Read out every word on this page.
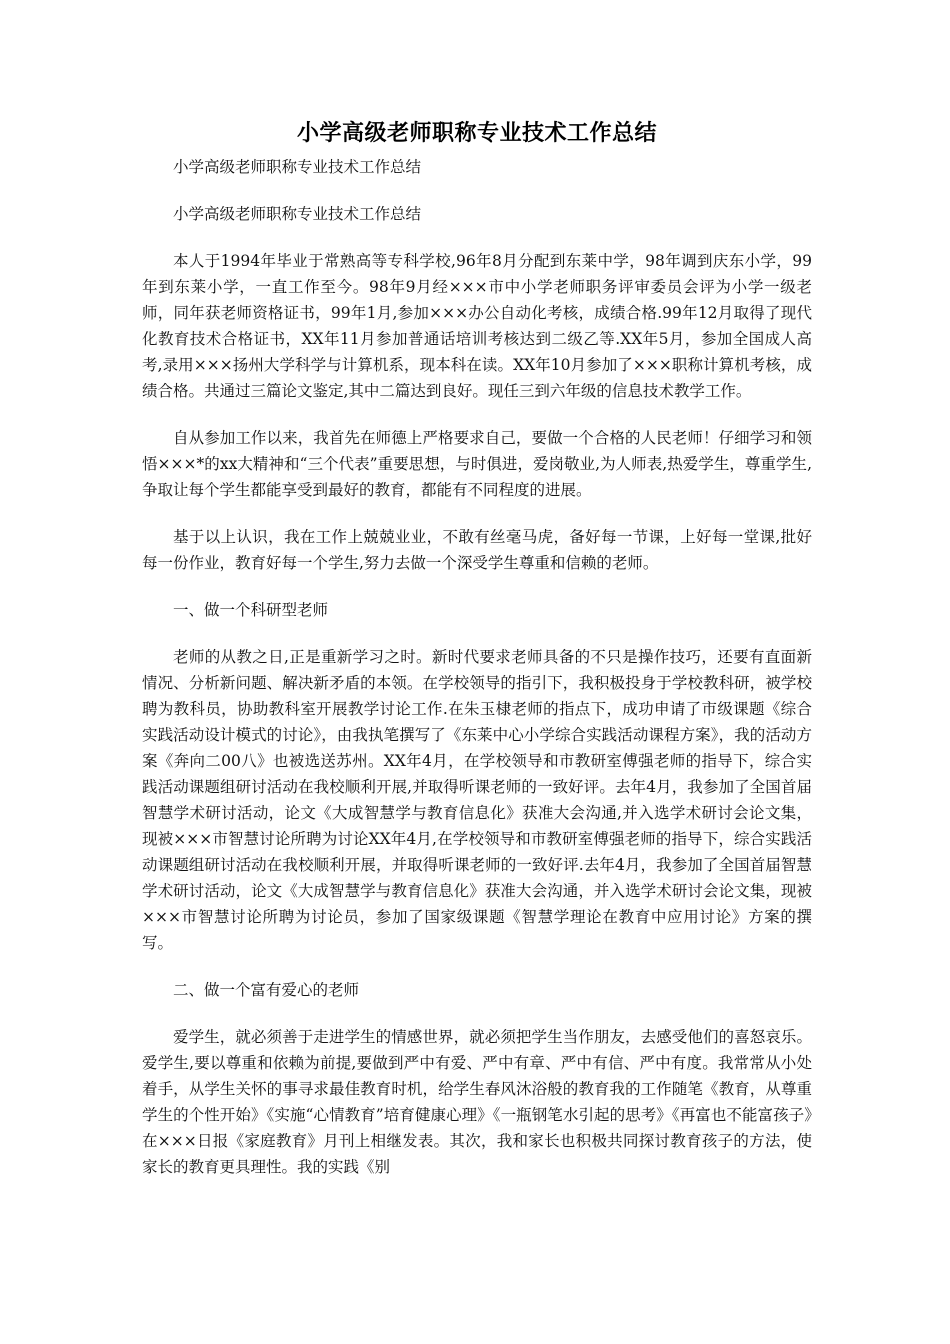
小学高级老师职称专业技术工作总结

小学高级老师职称专业技术工作总结

小学高级老师职称专业技术工作总结

本人于1994年毕业于常熟高等专科学校,96年8月分配到东莱中学，98年调到庆东小学，99年到东莱小学，一直工作至今。98年9月经×××市中小学老师职务评审委员会评为小学一级老师，同年获老师资格证书，99年1月,参加×××办公自动化考核，成绩合格.99年12月取得了现代化教育技术合格证书，XX年11月参加普通话培训考核达到二级乙等.XX年5月，参加全国成人高考,录用×××扬州大学科学与计算机系，现本科在读。XX年10月参加了×××职称计算机考核，成绩合格。共通过三篇论文鉴定,其中二篇达到良好。现任三到六年级的信息技术教学工作。

自从参加工作以来，我首先在师德上严格要求自己，要做一个合格的人民老师！仔细学习和领悟×××*的xx大精神和“三个代表”重要思想，与时俱进，爱岗敬业,为人师表,热爱学生，尊重学生,争取让每个学生都能享受到最好的教育，都能有不同程度的进展。

基于以上认识，我在工作上兢兢业业，不敢有丝毫马虎，备好每一节课，上好每一堂课,批好每一份作业，教育好每一个学生,努力去做一个深受学生尊重和信赖的老师。

一、做一个科研型老师

老师的从教之日,正是重新学习之时。新时代要求老师具备的不只是操作技巧，还要有直面新情况、分析新问题、解决新矛盾的本领。在学校领导的指引下，我积极投身于学校教科研，被学校聘为教科员，协助教科室开展教学讨论工作.在朱玉棣老师的指点下，成功申请了市级课题《综合实践活动设计模式的讨论》，由我执笔撰写了《东莱中心小学综合实践活动课程方案》，我的活动方案《奔向二00八》也被选送苏州。XX年4月，在学校领导和市教研室傅强老师的指导下，综合实践活动课题组研讨活动在我校顺利开展,并取得听课老师的一致好评。去年4月，我参加了全国首届智慧学术研讨活动，论文《大成智慧学与教育信息化》获准大会沟通,并入选学术研讨会论文集，现被×××市智慧讨论所聘为讨论XX年4月,在学校领导和市教研室傅强老师的指导下，综合实践活动课题组研讨活动在我校顺利开展，并取得听课老师的一致好评.去年4月，我参加了全国首届智慧学术研讨活动，论文《大成智慧学与教育信息化》获准大会沟通，并入选学术研讨会论文集，现被×××市智慧讨论所聘为讨论员，参加了国家级课题《智慧学理论在教育中应用讨论》方案的撰写。

二、做一个富有爱心的老师

爱学生，就必须善于走进学生的情感世界，就必须把学生当作朋友，去感受他们的喜怒哀乐。爱学生,要以尊重和依赖为前提,要做到严中有爱、严中有章、严中有信、严中有度。我常常从小处着手，从学生关怀的事寻求最佳教育时机，给学生春风沐浴般的教育我的工作随笔《教育，从尊重学生的个性开始》《实施“心情教育”培育健康心理》《一瓶钢笔水引起的思考》《再富也不能富孩子》在×××日报《家庭教育》月刊上相继发表。其次，我和家长也积极共同探讨教育孩子的方法，使家长的教育更具理性。我的实践《别
